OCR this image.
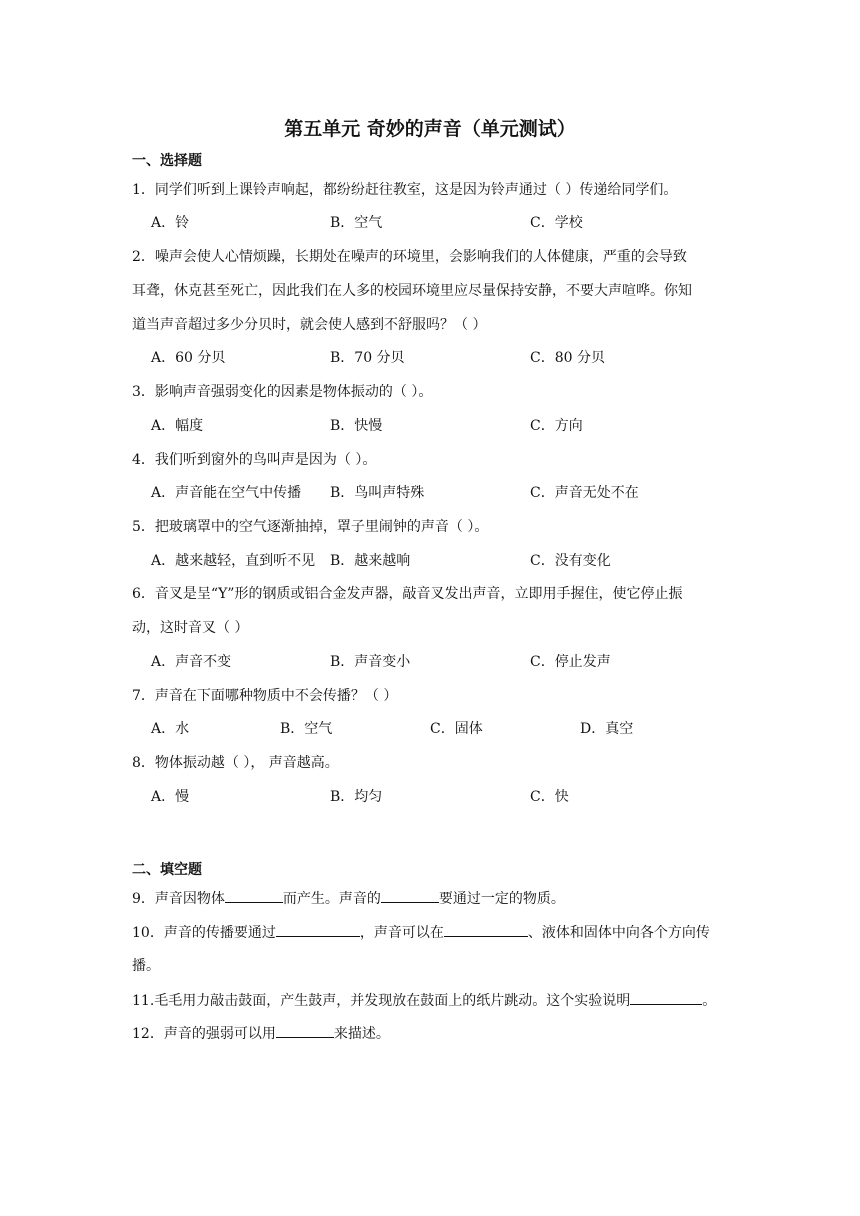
第五单元 奇妙的声音（单元测试）
一、选择题
1．同学们听到上课铃声响起，都纷纷赶往教室，这是因为铃声通过（ ）传递给同学们。
A．铃	B．空气	C．学校
2．噪声会使人心情烦躁，长期处在噪声的环境里，会影响我们的人体健康，严重的会导致
耳聋，休克甚至死亡，因此我们在人多的校园环境里应尽量保持安静，不要大声喧哗。你知
道当声音超过多少分贝时，就会使人感到不舒服吗？（ ）
A．60 分贝	B．70 分贝	C．80 分贝
3．影响声音强弱变化的因素是物体振动的（ ）。
A．幅度	B．快慢	C．方向
4．我们听到窗外的鸟叫声是因为（ ）。
A．声音能在空气中传播 B．鸟叫声特殊	C．声音无处不在
5．把玻璃罩中的空气逐渐抽掉，罩子里闹钟的声音（ ）。
A．越来越轻，直到听不见 B．越来越响	C．没有变化
6．音叉是呈“Y”形的钢质或铝合金发声器，敲音叉发出声音，立即用手握住，使它停止振
动，这时音叉（ ）
A．声音不变	B．声音变小	C．停止发声
7．声音在下面哪种物质中不会传播？（ ）
A．水	B．空气	C．固体	D．真空
8．物体振动越（ ）， 声音越高。
A．慢	B．均匀	C．快
二、填空题
9．声音因物体	而产生。声音的	要通过一定的物质。
10．声音的传播要通过	，声音可以在	、液体和固体中向各个方向传
播。
11.毛毛用力敲击鼓面，产生鼓声，并发现放在鼓面上的纸片跳动。这个实验说明	。
12．声音的强弱可以用	来描述。
